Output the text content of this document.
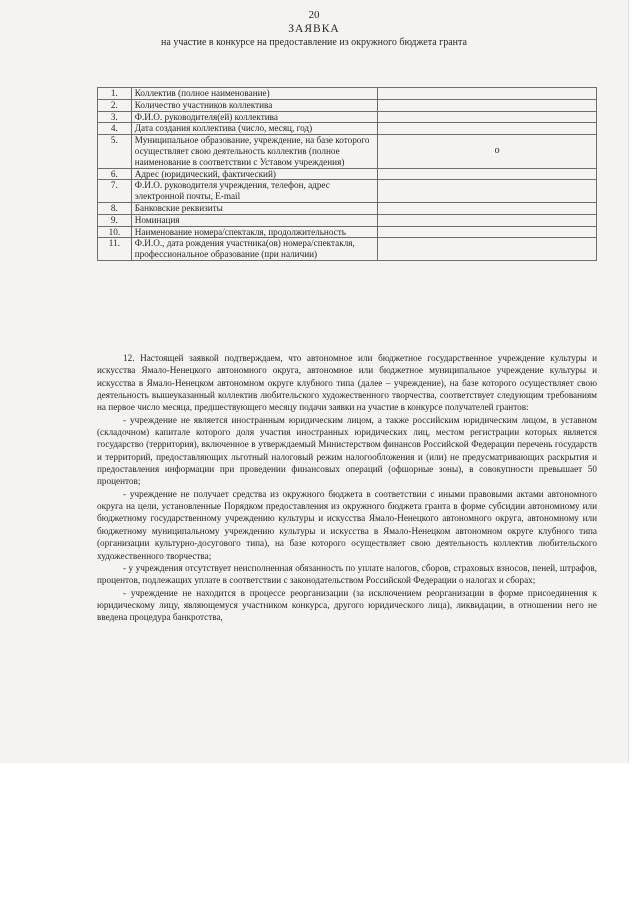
20
ЗАЯВКА
на участие в конкурсе на предоставление из окружного бюджета гранта
1.	Коллектив (полное наименование)	
2.	Количество участников коллектива	
3.	Ф.И.О. руководителя(ей) коллектива	
4.	Дата создания коллектива (число, месяц, год)	
5.	Муниципальное образование, учреждение, на базе которого осуществляет свою деятельность коллектив (полное наименование в соответствии с Уставом учреждения)	о
6.	Адрес (юридический, фактический)	
7.	Ф.И.О. руководителя учреждения, телефон, адрес электронной почты, E-mail	
8.	Банковские реквизиты	
9.	Номинация	
10.	Наименование номера/спектакля, продолжительность	
11.	Ф.И.О., дата рождения участника(ов) номера/спектакля, профессиональное образование (при наличии)	

12. Настоящей заявкой подтверждаем, что автономное или бюджетное государственное учреждение культуры и искусства Ямало-Ненецкого автономного округа, автономное или бюджетное муниципальное учреждение культуры и искусства в Ямало-Ненецком автономном округе клубного типа (далее – учреждение), на базе которого осуществляет свою деятельность вышеуказанный коллектив любительского художественного творчества, соответствует следующим требованиям на первое число месяца, предшествующего месяцу подачи заявки на участие в конкурсе получателей грантов:

- учреждение не является иностранным юридическим лицом, а также российским юридическим лицом, в уставном (складочном) капитале которого доля участия иностранных юридических лиц, местом регистрации которых является государство (территория), включенное в утверждаемый Министерством финансов Российской Федерации перечень государств и территорий, предоставляющих льготный налоговый режим налогообложения и (или) не предусматривающих раскрытия и предоставления информации при проведении финансовых операций (офшорные зоны), в совокупности превышает 50 процентов;

- учреждение не получает средства из окружного бюджета в соответствии с иными правовыми актами автономного округа на цели, установленные Порядком предоставления из окружного бюджета гранта в форме субсидии автономному или бюджетному государственному учреждению культуры и искусства Ямало-Ненецкого автономного округа, автономному или бюджетному муниципальному учреждению культуры и искусства в Ямало-Ненецком автономном округе клубного типа (организации культурно-досугового типа), на базе которого осуществляет свою деятельность коллектив любительского художественного творчества;

- у учреждения отсутствует неисполненная обязанность по уплате налогов, сборов, страховых взносов, пеней, штрафов, процентов, подлежащих уплате в соответствии с законодательством Российской Федерации о налогах и сборах;

- учреждение не находится в процессе реорганизации (за исключением реорганизации в форме присоединения к юридическому лицу, являющемуся участником конкурса, другого юридического лица), ликвидации, в отношении него не введена процедура банкротства,
